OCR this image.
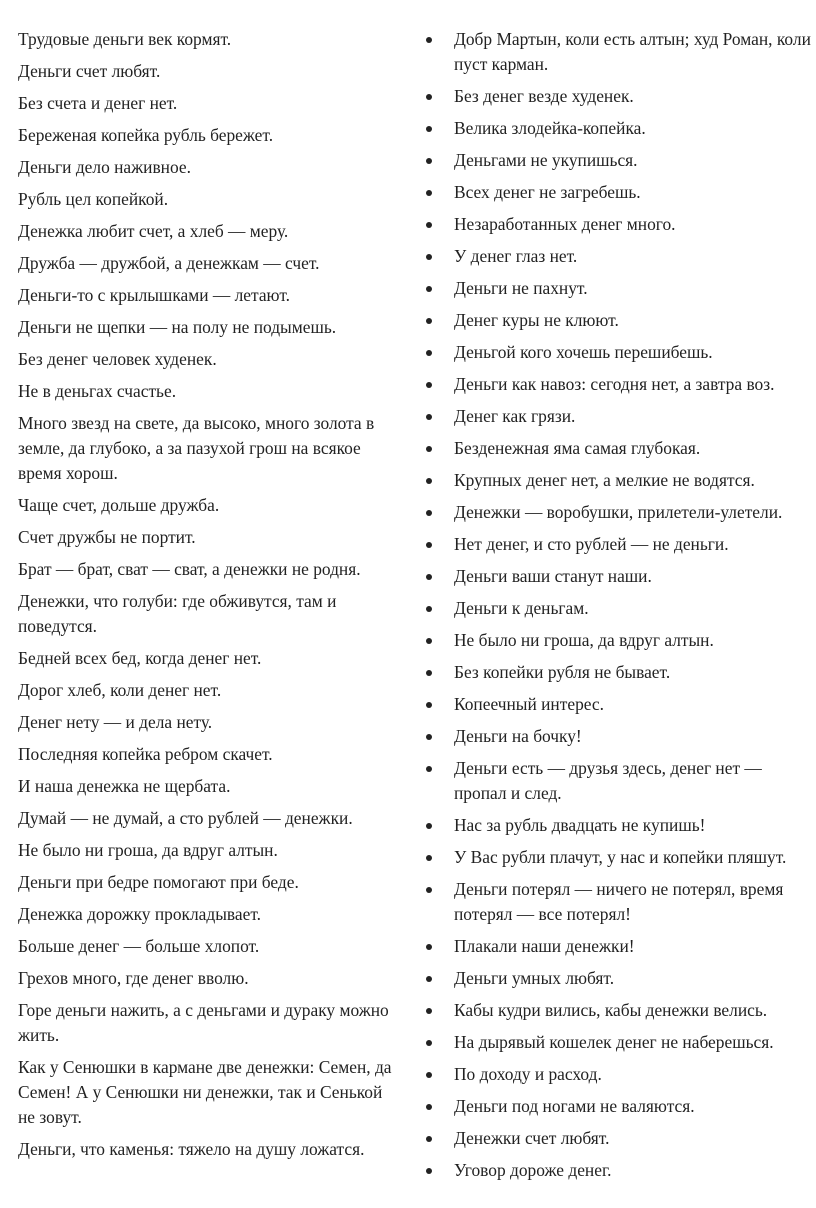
Трудовые деньги век кормят.
Деньги счет любят.
Без счета и денег нет.
Береженая копейка рубль бережет.
Деньги дело наживное.
Рубль цел копейкой.
Денежка любит счет, а хлеб — меру.
Дружба — дружбой, а денежкам — счет.
Деньги-то с крылышками — летают.
Деньги не щепки — на полу не подымешь.
Без денег человек худенек.
Не в деньгах счастье.
Много звезд на свете, да высоко, много золота в земле, да глубоко, а за пазухой грош на всякое время хорош.
Чаще счет, дольше дружба.
Счет дружбы не портит.
Брат — брат, сват — сват, а денежки не родня.
Денежки, что голуби: где обживутся, там и поведутся.
Бедней всех бед, когда денег нет.
Дорог хлеб, коли денег нет.
Денег нету — и дела нету.
Последняя копейка ребром скачет.
И наша денежка не щербата.
Думай — не думай, а сто рублей — денежки.
Не было ни гроша, да вдруг алтын.
Деньги при бедре помогают при беде.
Денежка дорожку прокладывает.
Больше денег — больше хлопот.
Грехов много, где денег вволю.
Горе деньги нажить, а с деньгами и дураку можно жить.
Как у Сенюшки в кармане две денежки: Семен, да Семен! А у Сенюшки ни денежки, так и Сенькой не зовут.
Деньги, что каменья: тяжело на душу ложатся.
Добр Мартын, коли есть алтын; худ Роман, коли пуст карман.
Без денег везде худенек.
Велика злодейка-копейка.
Деньгами не укупишься.
Всех денег не загребешь.
Незаработанных денег много.
У денег глаз нет.
Деньги не пахнут.
Денег куры не клюют.
Деньгой кого хочешь перешибешь.
Деньги как навоз: сегодня нет, а завтра воз.
Денег как грязи.
Безденежная яма самая глубокая.
Крупных денег нет, а мелкие не водятся.
Денежки — воробушки, прилетели-улетели.
Нет денег, и сто рублей — не деньги.
Деньги ваши станут наши.
Деньги к деньгам.
Не было ни гроша, да вдруг алтын.
Без копейки рубля не бывает.
Копеечный интерес.
Деньги на бочку!
Деньги есть — друзья здесь, денег нет — пропал и след.
Нас за рубль двадцать не купишь!
У Вас рубли плачут, у нас и копейки пляшут.
Деньги потерял — ничего не потерял, время потерял — все потерял!
Плакали наши денежки!
Деньги умных любят.
Кабы кудри вились, кабы денежки велись.
На дырявый кошелек денег не наберешься.
По доходу и расход.
Деньги под ногами не валяются.
Денежки счет любят.
Уговор дороже денег.
